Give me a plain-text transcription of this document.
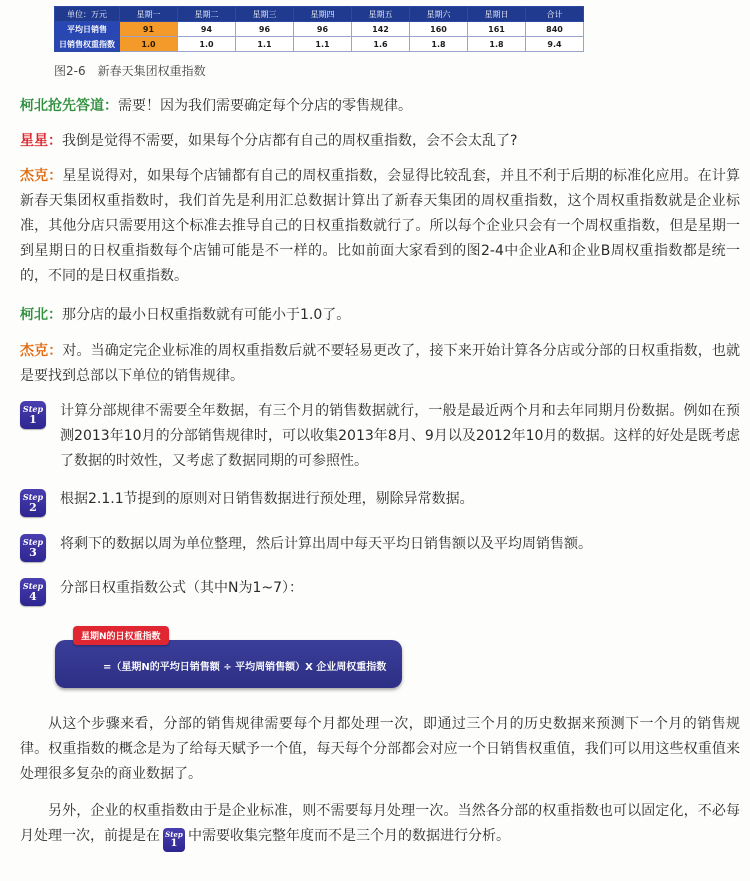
单位：万元	星期一	星期二	星期三	星期四	星期五	星期六	星期日	合计
平均日销售	91	94	96	96	142	160	161	840
日销售权重指数	1.0	1.0	1.1	1.1	1.6	1.8	1.8	9.4
图2-6　新春天集团权重指数

柯北抢先答道：需要！因为我们需要确定每个分店的零售规律。

星星：我倒是觉得不需要，如果每个分店都有自己的周权重指数，会不会太乱了?

杰克：星星说得对，如果每个店铺都有自己的周权重指数，会显得比较乱套，并且不利于后期的标准化应用。在计算新春天集团权重指数时，我们首先是利用汇总数据计算出了新春天集团的周权重指数，这个周权重指数就是企业标准，其他分店只需要用这个标准去推导自己的日权重指数就行了。所以每个企业只会有一个周权重指数，但是星期一到星期日的日权重指数每个店铺可能是不一样的。比如前面大家看到的图2-4中企业A和企业B周权重指数都是统一的，不同的是日权重指数。

柯北：那分店的最小日权重指数就有可能小于1.0了。

杰克：对。当确定完企业标准的周权重指数后就不要轻易更改了，接下来开始计算各分店或分部的日权重指数，也就是要找到总部以下单位的销售规律。

Step
1

计算分部规律不需要全年数据，有三个月的销售数据就行，一般是最近两个月和去年同期月份数据。例如在预测2013年10月的分部销售规律时，可以收集2013年8月、9月以及2012年10月的数据。这样的好处是既考虑了数据的时效性，又考虑了数据同期的可参照性。

Step
2

根据2.1.1节提到的原则对日销售数据进行预处理，剔除异常数据。

Step
3

将剩下的数据以周为单位整理，然后计算出周中每天平均日销售额以及平均周销售额。

Step
4

分部日权重指数公式（其中N为1~7）：

星期N的日权重指数
=（星期N的平均日销售额 ÷ 平均周销售额）X 企业周权重指数

从这个步骤来看，分部的销售规律需要每个月都处理一次，即通过三个月的历史数据来预测下一个月的销售规律。权重指数的概念是为了给每天赋予一个值，每天每个分部都会对应一个日销售权重值，我们可以用这些权重值来处理很多复杂的商业数据了。

另外，企业的权重指数由于是企业标准，则不需要每月处理一次。当然各分部的权重指数也可以固定化，不必每月处理一次，前提是在 Step
1 中需要收集完整年度而不是三个月的数据进行分析。
